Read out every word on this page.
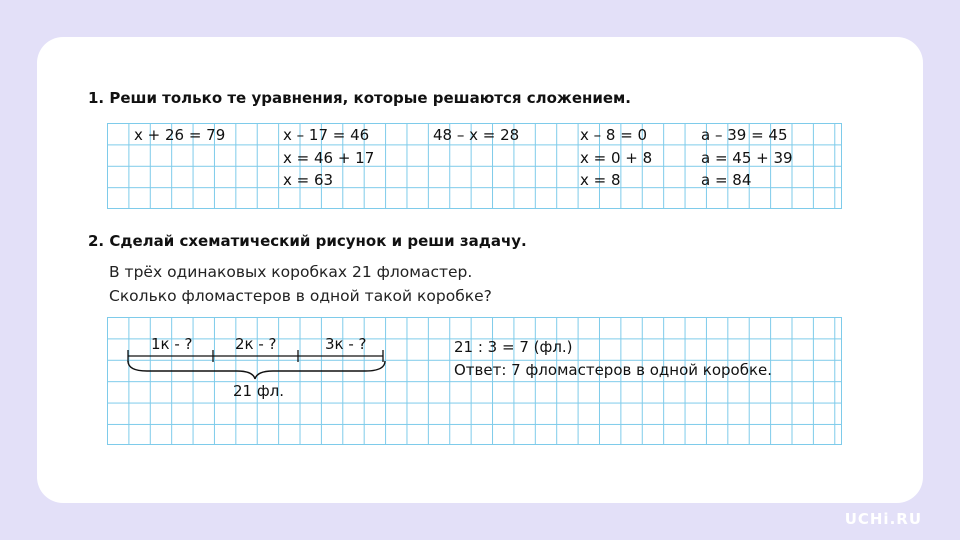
1. Реши только те уравнения, которые решаются сложением.
x + 26 = 79	x – 17 = 46
x = 46 + 17
x = 63
48 – x = 28	x – 8 = 0
x = 0 + 8
x = 8
a – 39 = 45
a = 45 + 39
a = 84
2. Сделай схематический рисунок и реши задачу.
В трёх одинаковых коробках 21 фломастер.
Сколько фломастеров в одной такой коробке?
1к - ?	2к - ?	3к - ?
21 фл.
21 : 3 = 7 (фл.)
Ответ: 7 фломастеров в одной коробке.
UCHi.RU
